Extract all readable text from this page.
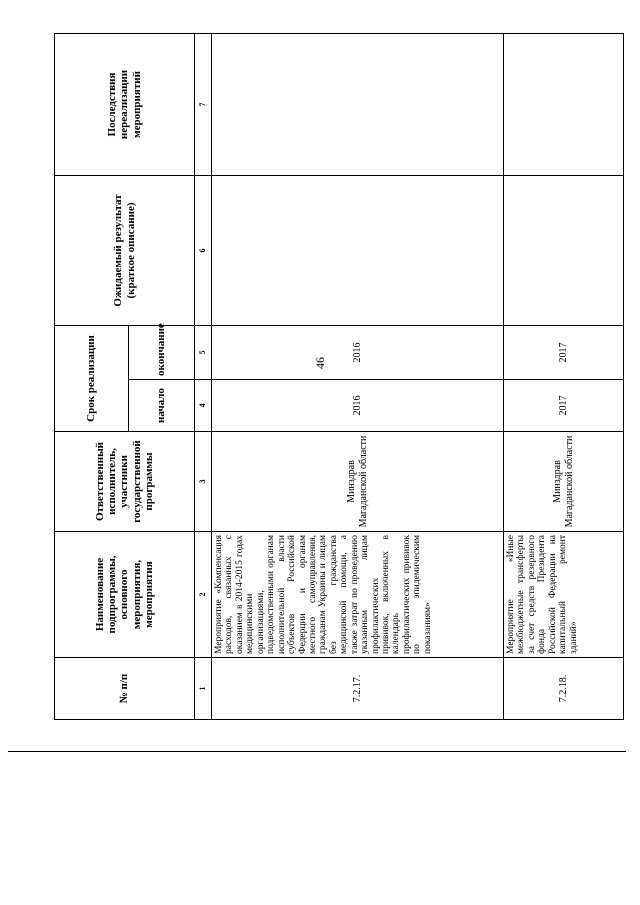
46
№ п/п	Наименование подпрограммы, основного мероприятия, мероприятия	Ответственный исполнитель, участники государственной программы	Срок реализации		Ожидаемый результат (краткое описание)	Последствия нереализации мероприятий
			начало	окончание		
1	2	3	4	5	6	7
7.2.17.	Мероприятие «Компенсация расходов, связанных с оказанием в 2014-2015 годах медицинскими организациями, подведомственными органам исполнительной власти субъектов Российской Федерции и органам местного самоуправления, гражданам Украины и лицам без гражданства медицинской помощи, а также затрат по проведению указанным лицам профилактических прививок, включенных в календарь профилактических прививок по эпидемическим показаниям»	Минздрав Магаданской области	2016	2016		
7.2.18.	Мероприятие «Иные межбюджетные трансферты за счет средств резервного фонда Президента Российской Федерации на капитальный ремонт зданий»	Минздрав Магаданской области	2017	2017		
